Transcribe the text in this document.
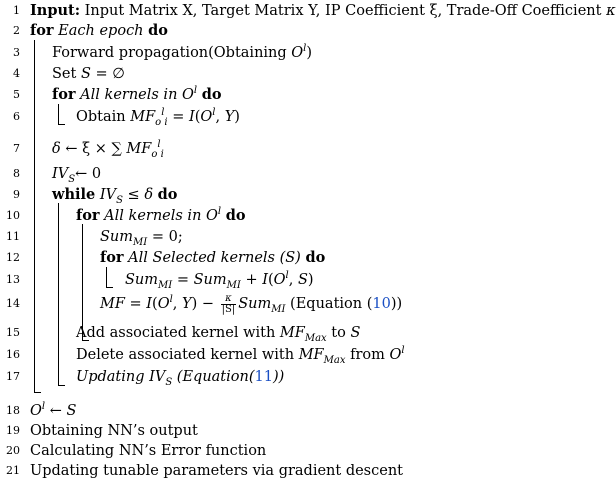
1 Input: Input Matrix X, Target Matrix Y, IP Coefficient ξ, Trade-Off Coefficient κ
2 for Each epoch do
3 Forward propagation(Obtaining $O^l$)
4 Set S = ∅
5 for All kernels in $O^l$ do
6	Obtain $MF_o^l_i = I(O^l$, Y)
7 δ ← ξ × ∑ $MF_o^l_i$
8 $IV_S\leftarrow$ 0
9 while $IV_S \le \delta$ do
10	for All kernels in $O^l$ do
11	Sum$_{MI}$ = 0;
12	for All Selected kernels (S) do
13	$Sum_{MI} = Sum_{MI} + I(O^l$, S)
14	MF = $I(O^l$, $Y) - \frac{\kappa}{|S|} Sum_{MI}$ (Equation (10))
15	Add associated kernel with $MF_{Max}$ to S
16	Delete associated kernel with $MF_{Max}$ from $O^l$
17	Updating $IV_S$ (Equation(11))
18 $O^l$ ← S
19 Obtaining NN’s output
20 Calculating NN’s Error function
21 Updating tunable parameters via gradient descent
